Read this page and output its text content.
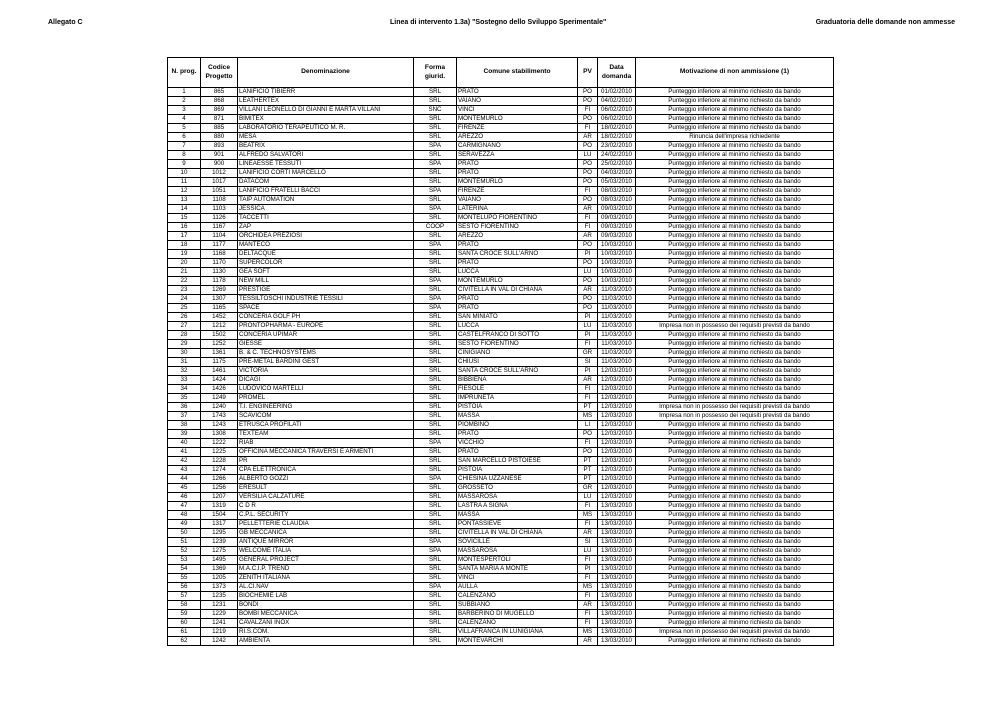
Allegato C	Linea di intervento 1.3a) "Sostegno dello Sviluppo Sperimentale"	Graduatoria delle domande non ammesse
N. prog.	Codice Progetto	Denominazione	Forma giurid.	Comune stabilimento	PV	Data domanda	Motivazione di non ammissione (1)
1	865	LANIFICIO TIBIERR	SRL	PRATO	PO	01/02/2010	Punteggio inferiore al minimo richiesto da bando
2	868	LEATHERTEX	SRL	VAIANO	PO	04/02/2010	Punteggio inferiore al minimo richiesto da bando
3	869	VILLANI LEONELLO DI GIANNI E MARTA VILLANI	SNC	VINCI	FI	06/02/2010	Punteggio inferiore al minimo richiesto da bando
4	871	BIMITEX	SRL	MONTEMURLO	PO	06/02/2010	Punteggio inferiore al minimo richiesto da bando
5	885	LABORATORIO TERAPEUTICO M. R.	SRL	FIRENZE	FI	18/02/2010	Punteggio inferiore al minimo richiesto da bando
6	880	MESA	SRL	AREZZO	AR	18/02/2010	Rinuncia dell'impresa richiedente
7	893	BEATRIX	SPA	CARMIGNANO	PO	23/02/2010	Punteggio inferiore al minimo richiesto da bando
8	901	ALFREDO SALVATORI	SRL	SERAVEZZA	LU	24/02/2010	Punteggio inferiore al minimo richiesto da bando
9	900	LINEAESSE TESSUTI	SPA	PRATO	PO	25/02/2010	Punteggio inferiore al minimo richiesto da bando
10	1012	LANIFICIO CORTI MARCELLO	SRL	PRATO	PO	04/03/2010	Punteggio inferiore al minimo richiesto da bando
11	1017	DATACOM	SRL	MONTEMURLO	PO	05/03/2010	Punteggio inferiore al minimo richiesto da bando
12	1051	LANIFICIO FRATELLI BACCI	SPA	FIRENZE	FI	08/03/2010	Punteggio inferiore al minimo richiesto da bando
13	1108	TAIP AUTOMATION	SRL	VAIANO	PO	08/03/2010	Punteggio inferiore al minimo richiesto da bando
14	1103	JESSICA	SPA	LATERINA	AR	09/03/2010	Punteggio inferiore al minimo richiesto da bando
15	1126	TACCETTI	SRL	MONTELUPO FIORENTINO	FI	09/03/2010	Punteggio inferiore al minimo richiesto da bando
16	1167	ZAP	COOP	SESTO FIORENTINO	FI	09/03/2010	Punteggio inferiore al minimo richiesto da bando
17	1104	ORCHIDEA PREZIOSI	SRL	AREZZO	AR	09/03/2010	Punteggio inferiore al minimo richiesto da bando
18	1177	MANTECO	SPA	PRATO	PO	10/03/2010	Punteggio inferiore al minimo richiesto da bando
19	1168	DELTACQUE	SRL	SANTA CROCE SULL'ARNO	PI	10/03/2010	Punteggio inferiore al minimo richiesto da bando
20	1170	SUPERCOLOR	SRL	PRATO	PO	10/03/2010	Punteggio inferiore al minimo richiesto da bando
21	1130	GEA SOFT	SRL	LUCCA	LU	10/03/2010	Punteggio inferiore al minimo richiesto da bando
22	1178	NEW MILL	SPA	MONTEMURLO	PO	10/03/2010	Punteggio inferiore al minimo richiesto da bando
23	1269	PRESTIGE	SRL	CIVITELLA IN VAL DI CHIANA	AR	11/03/2010	Punteggio inferiore al minimo richiesto da bando
24	1307	TESSILTOSCHI INDUSTRIE TESSILI	SPA	PRATO	PO	11/03/2010	Punteggio inferiore al minimo richiesto da bando
25	1165	SPACE	SPA	PRATO	PO	11/03/2010	Punteggio inferiore al minimo richiesto da bando
26	1452	CONCERIA GOLF PH	SRL	SAN MINIATO	PI	11/03/2010	Punteggio inferiore al minimo richiesto da bando
27	1212	PRONTOPHARMA - EUROPE	SRL	LUCCA	LU	11/03/2010	Impresa non in possesso dei requisiti previsti da bando
28	1502	CONCERIA UPIMAR	SRL	CASTELFRANCO DI SOTTO	PI	11/03/2010	Punteggio inferiore al minimo richiesto da bando
29	1252	GIESSE	SRL	SESTO FIORENTINO	FI	11/03/2010	Punteggio inferiore al minimo richiesto da bando
30	1361	B. & C. TECHNOSYSTEMS	SRL	CINIGIANO	GR	11/03/2010	Punteggio inferiore al minimo richiesto da bando
31	1175	PRE-METAL BARDINI GEST	SRL	CHIUSI	SI	11/03/2010	Punteggio inferiore al minimo richiesto da bando
32	1461	VICTORIA	SRL	SANTA CROCE SULL'ARNO	PI	12/03/2010	Punteggio inferiore al minimo richiesto da bando
33	1424	DICAGI	SRL	BIBBIENA	AR	12/03/2010	Punteggio inferiore al minimo richiesto da bando
34	1426	LUDOVICO MARTELLI	SRL	FIESOLE	FI	12/03/2010	Punteggio inferiore al minimo richiesto da bando
35	1249	PROMEL	SRL	IMPRUNETA	FI	12/03/2010	Punteggio inferiore al minimo richiesto da bando
36	1240	T.I. ENGINEERING	SRL	PISTOIA	PT	12/03/2010	Impresa non in possesso dei requisiti previsti da bando
37	1743	SCAVICOM	SRL	MASSA	MS	12/03/2010	Impresa non in possesso dei requisiti previsti da bando
38	1243	ETRUSCA PROFILATI	SRL	PIOMBINO	LI	12/03/2010	Punteggio inferiore al minimo richiesto da bando
39	1308	TEXTEAM	SRL	PRATO	PO	12/03/2010	Punteggio inferiore al minimo richiesto da bando
40	1222	RIAB	SPA	VICCHIO	FI	12/03/2010	Punteggio inferiore al minimo richiesto da bando
41	1225	OFFICINA MECCANICA TRAVERSI E ARMENTI	SRL	PRATO	PO	12/03/2010	Punteggio inferiore al minimo richiesto da bando
42	1228	PR	SRL	SAN MARCELLO PISTOIESE	PT	12/03/2010	Punteggio inferiore al minimo richiesto da bando
43	1274	CPA ELETTRONICA	SRL	PISTOIA	PT	12/03/2010	Punteggio inferiore al minimo richiesto da bando
44	1266	ALBERTO GOZZI	SPA	CHIESINA UZZANESE	PT	12/03/2010	Punteggio inferiore al minimo richiesto da bando
45	1256	ERESULT	SRL	GROSSETO	GR	12/03/2010	Punteggio inferiore al minimo richiesto da bando
46	1207	VERSILIA CALZATURE	SRL	MASSAROSA	LU	12/03/2010	Punteggio inferiore al minimo richiesto da bando
47	1319	C D R	SRL	LASTRA A SIGNA	FI	13/03/2010	Punteggio inferiore al minimo richiesto da bando
48	1504	C.P.L. SECURITY	SRL	MASSA	MS	13/03/2010	Punteggio inferiore al minimo richiesto da bando
49	1317	PELLETTERIE CLAUDIA	SRL	PONTASSIEVE	FI	13/03/2010	Punteggio inferiore al minimo richiesto da bando
50	1295	GB MECCANICA	SRL	CIVITELLA IN VAL DI CHIANA	AR	13/03/2010	Punteggio inferiore al minimo richiesto da bando
51	1239	ANTIQUE MIRROR	SPA	SOVICILLE	SI	13/03/2010	Punteggio inferiore al minimo richiesto da bando
52	1275	WELCOME ITALIA	SPA	MASSAROSA	LU	13/03/2010	Punteggio inferiore al minimo richiesto da bando
53	1495	GENERAL PROJECT	SRL	MONTESPERTOLI	FI	13/03/2010	Punteggio inferiore al minimo richiesto da bando
54	1369	M.A.C.I.P. TREND	SRL	SANTA MARIA A MONTE	PI	13/03/2010	Punteggio inferiore al minimo richiesto da bando
55	1205	ZENITH ITALIANA	SRL	VINCI	FI	13/03/2010	Punteggio inferiore al minimo richiesto da bando
56	1373	AL.CI.NAV	SPA	AULLA	MS	13/03/2010	Punteggio inferiore al minimo richiesto da bando
57	1235	BIOCHEMIE LAB	SRL	CALENZANO	FI	13/03/2010	Punteggio inferiore al minimo richiesto da bando
58	1231	BONDI	SRL	SUBBIANO	AR	13/03/2010	Punteggio inferiore al minimo richiesto da bando
59	1229	BOMBI MECCANICA	SRL	BARBERINO DI MUGELLO	FI	13/03/2010	Punteggio inferiore al minimo richiesto da bando
60	1241	CAVALZANI INOX	SRL	CALENZANO	FI	13/03/2010	Punteggio inferiore al minimo richiesto da bando
61	1219	RI.S.COM.	SRL	VILLAFRANCA IN LUNIGIANA	MS	13/03/2010	Impresa non in possesso dei requisiti previsti da bando
62	1242	AMBIENTA	SRL	MONTEVARCHI	AR	13/03/2010	Punteggio inferiore al minimo richiesto da bando
